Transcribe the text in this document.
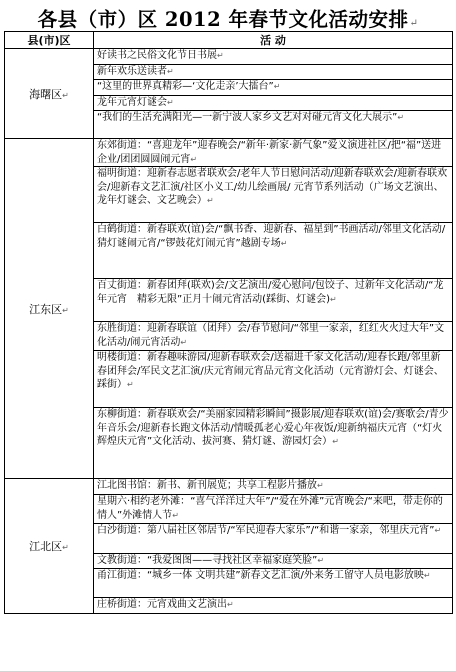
各县（市）区 2012 年春节文化活动安排↵
县(市)区	活 动
海曙区↵	好读书之民俗文化节日书展↵
	新年欢乐送读者↵
	“这里的世界真精彩—‘文化走亲’大擂台”↵
	龙年元宵灯谜会↵
	“我们的生活充满阳光—一新宁波人家乡文艺对对碰元宵文化大展示”↵
江东区↵	东郊街道：“喜迎龙年”迎春晚会/“新年·新家·新气象”爱义演进社区/把“福”送进企业/团团圆圆闹元宵↵
	福明街道：迎新春志愿者联欢会/老年人节日慰问活动/迎新春联欢会/迎新春联欢会/迎新春文艺汇演/社区小义工/幼儿绘画展/ 元宵节系列活动（广场文艺演出、龙年灯谜会、文艺晚会）↵
	白鹤街道：新春联欢(谊)会/“飘书香、迎新春、福星到”书画活动/邻里文化活动/猜灯谜闹元宵/“锣鼓花灯闹元宵”越剧专场↵
	百丈街道：新春团拜(联欢)会/文艺演出/爱心慰问/包饺子、过新年文化活动/“龙年元宵　精彩无限”正月十闹元宵活动(踩街、灯谜会)↵
	东胜街道：迎新春联谊（团拜）会/春节慰问/“邻里一家亲，红红火火过大年”文化活动/闹元宵活动↵
	明楼街道：新春趣味游园/迎新春联欢会/送福进千家文化活动/迎春长跑/邻里新春团拜会/军民文艺汇演/庆元宵闹元宵品元宵文化活动（元宵游灯会、灯谜会、踩街）↵
	东柳街道：新春联欢会/“美丽家园精彩瞬间”摄影展/迎春联欢(谊)会/赛歌会/青少年音乐会/迎新春长跑文体活动/情暖孤老心爱心年夜饭/迎新纳福庆元宵（“灯火辉煌庆元宵”文化活动、拔河赛、猜灯谜、游园灯会）↵
江北区↵	江北图书馆：新书、新刊展览；共享工程影片播放↵
	星期六·相约老外滩：“喜气洋洋过大年”/“爱在外滩”元宵晚会/“来吧，带走你的情人”外滩情人节↵
	白沙街道：第八届社区邻居节/“军民迎春大家乐”/“和谐一家亲，邻里庆元宵”↵
	文教街道：“我爱图图——寻找社区幸福家庭笑脸”↵
	甬江街道：“城乡一体 文明共建”新春文艺汇演/外来务工留守人员电影放映↵
	庄桥街道：元宵戏曲文艺演出↵
